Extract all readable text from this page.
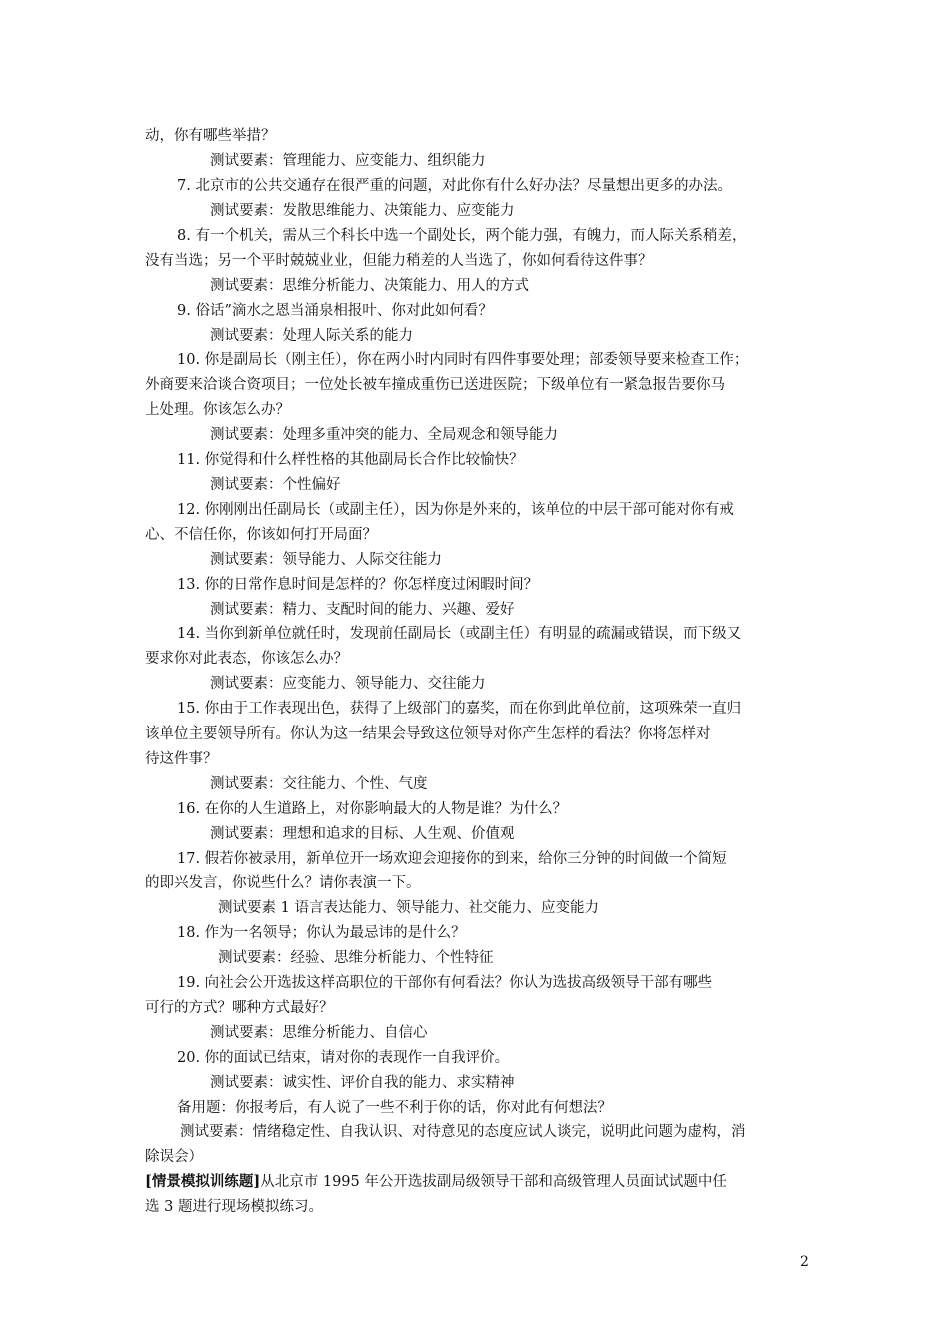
动，你有哪些举措？
测试要素：管理能力、应变能力、组织能力
7. 北京市的公共交通存在很严重的问题，对此你有什么好办法？尽量想出更多的办法。
测试要素：发散思维能力、决策能力、应变能力
8. 有一个机关，需从三个科长中选一个副处长，两个能力强，有魄力，而人际关系稍差，
没有当选；另一个平时兢兢业业，但能力稍差的人当选了，你如何看待这件事？
测试要素：思维分析能力、决策能力、用人的方式
9. 俗话”滴水之恩当涌泉相报叶、你对此如何看？
测试要素：处理人际关系的能力
10. 你是副局长（刚主任），你在两小时内同时有四件事要处理；部委领导要来检查工作；
外商要来洽谈合资项目；一位处长被车撞成重伤已送进医院；下级单位有一紧急报告要你马
上处理。你该怎么办？
测试要素：处理多重冲突的能力、全局观念和领导能力
11. 你觉得和什么样性格的其他副局长合作比较愉快？
测试要素：个性偏好
12. 你刚刚出任副局长（或副主任），因为你是外来的，该单位的中层干部可能对你有戒
心、不信任你，你该如何打开局面？
测试要素：领导能力、人际交往能力
13. 你的日常作息时间是怎样的？你怎样度过闲暇时间？
测试要素：精力、支配时间的能力、兴趣、爱好
14. 当你到新单位就任时，发现前任副局长（或副主任）有明显的疏漏或错误，而下级又
要求你对此表态，你该怎么办？
测试要素：应变能力、领导能力、交往能力
15. 你由于工作表现出色，获得了上级部门的嘉奖，而在你到此单位前，这项殊荣一直归
该单位主要领导所有。你认为这一结果会导致这位领导对你产生怎样的看法？你将怎样对
待这件事？
测试要素：交往能力、个性、气度
16. 在你的人生道路上，对你影响最大的人物是谁？为什么？
测试要素：理想和追求的目标、人生观、价值观
17. 假若你被录用，新单位开一场欢迎会迎接你的到来，给你三分钟的时间做一个简短
的即兴发言，你说些什么？请你表演一下。
测试要素 1 语言表达能力、领导能力、社交能力、应变能力
18. 作为一名领导；你认为最忌讳的是什么？
测试要素：经验、思维分析能力、个性特征
19. 向社会公开选拔这样高职位的干部你有何看法？你认为选拔高级领导干部有哪些
可行的方式？哪种方式最好？
测试要素：思维分析能力、自信心
20. 你的面试已结束，请对你的表现作一自我评价。
测试要素：诚实性、评价自我的能力、求实精神
备用题：你报考后，有人说了一些不利于你的话，你对此有何想法？
测试要素：情绪稳定性、自我认识、对待意见的态度应试人谈完，说明此问题为虚构，消
除误会）
[情景模拟训练题]从北京市 1995 年公开选拔副局级领导干部和高级管理人员面试试题中任
选 3 题进行现场模拟练习。
2
